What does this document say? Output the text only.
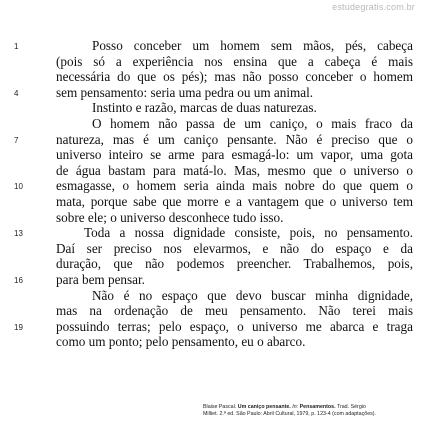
estudegratis.com.br
1	Posso conceber um homem sem mãos, pés, cabeça
(pois só a experiência nos ensina que a cabeça é mais
necessária do que os pés); mas não posso conceber o homem
4	sem pensamento: seria uma pedra ou um animal.
Instinto e razão, marcas de duas naturezas.
O homem não passa de um caniço, o mais fraco da
7	natureza, mas é um caniço pensante. Não é preciso que o
universo inteiro se arme para esmagá-lo: um vapor, uma gota
de água bastam para matá-lo. Mas, mesmo que o universo o
10	esmagasse, o homem seria ainda mais nobre do que quem o
mata, porque sabe que morre e a vantagem que o universo tem
sobre ele; o universo desconhece tudo isso.
13	Toda a nossa dignidade consiste, pois, no pensamento.
Daí ser preciso nos elevarmos, e não do espaço e da
duração, que não podemos preencher. Trabalhemos, pois,
16	para bem pensar.
Não é no espaço que devo buscar minha dignidade,
mas na ordenação de meu pensamento. Não terei mais
19	possuindo terras; pelo espaço, o universo me abarca e traga
como um ponto; pelo pensamento, eu o abarco.
Blaise Pascal. Um caniço pensante. In: Pensamentos. Trad. Sérgio
Milliet. 2.ª ed. São Paulo: Abril Cultural, 1979, p. 123-4 (com adaptações).
